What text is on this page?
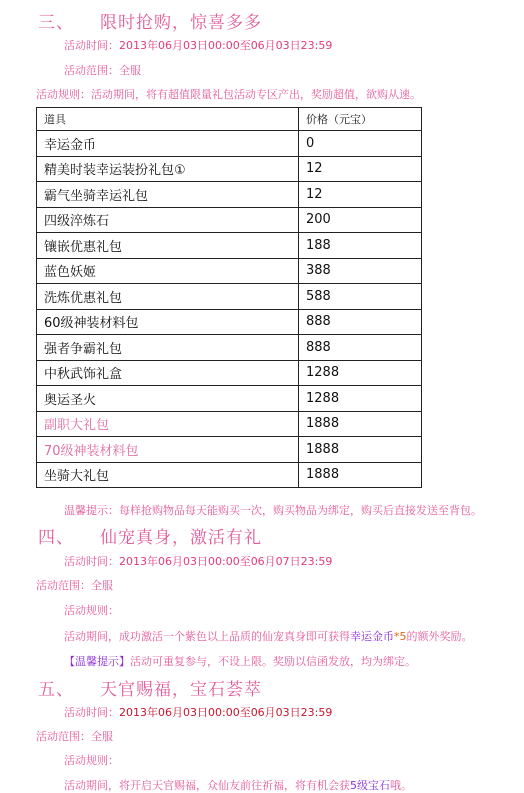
三、 限时抢购，惊喜多多
活动时间：2013年06月03日00:00至06月03日23:59
活动范围：全服
活动规则：活动期间，将有超值限量礼包活动专区产出，奖励超值，欲购从速。
道具	价格（元宝）
幸运金币	0
精美时装幸运装扮礼包①	12
霸气坐骑幸运礼包	12
四级淬炼石	200
镶嵌优惠礼包	188
蓝色妖姬	388
洗炼优惠礼包	588
60级神装材料包	888
强者争霸礼包	888
中秋武饰礼盒	1288
奥运圣火	1288
副职大礼包	1888
70级神装材料包	1888
坐骑大礼包	1888
温馨提示：每样抢购物品每天能购买一次，购买物品为绑定，购买后直接发送至背包。
四、 仙宠真身，激活有礼
活动时间：2013年06月03日00:00至06月07日23:59
活动范围：全服
活动规则：
活动期间，成功激活一个紫色以上品质的仙宠真身即可获得幸运金币*5的额外奖励。
【温馨提示】活动可重复参与，不设上限。奖励以信函发放，均为绑定。
五、 天官赐福，宝石荟萃
活动时间：2013年06月03日00:00至06月03日23:59
活动范围：全服
活动规则：
活动期间，将开启天官赐福，众仙友前往祈福，将有机会获5级宝石哦。
